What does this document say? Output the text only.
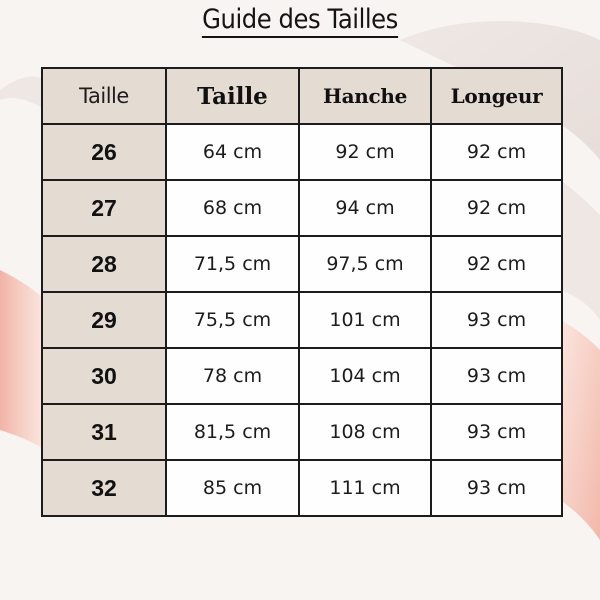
Guide des Tailles
Taille	Taille	Hanche	Longeur
26	64 cm	92 cm	92 cm
27	68 cm	94 cm	92 cm
28	71,5 cm	97,5 cm	92 cm
29	75,5 cm	101 cm	93 cm
30	78 cm	104 cm	93 cm
31	81,5 cm	108 cm	93 cm
32	85 cm	111 cm	93 cm
